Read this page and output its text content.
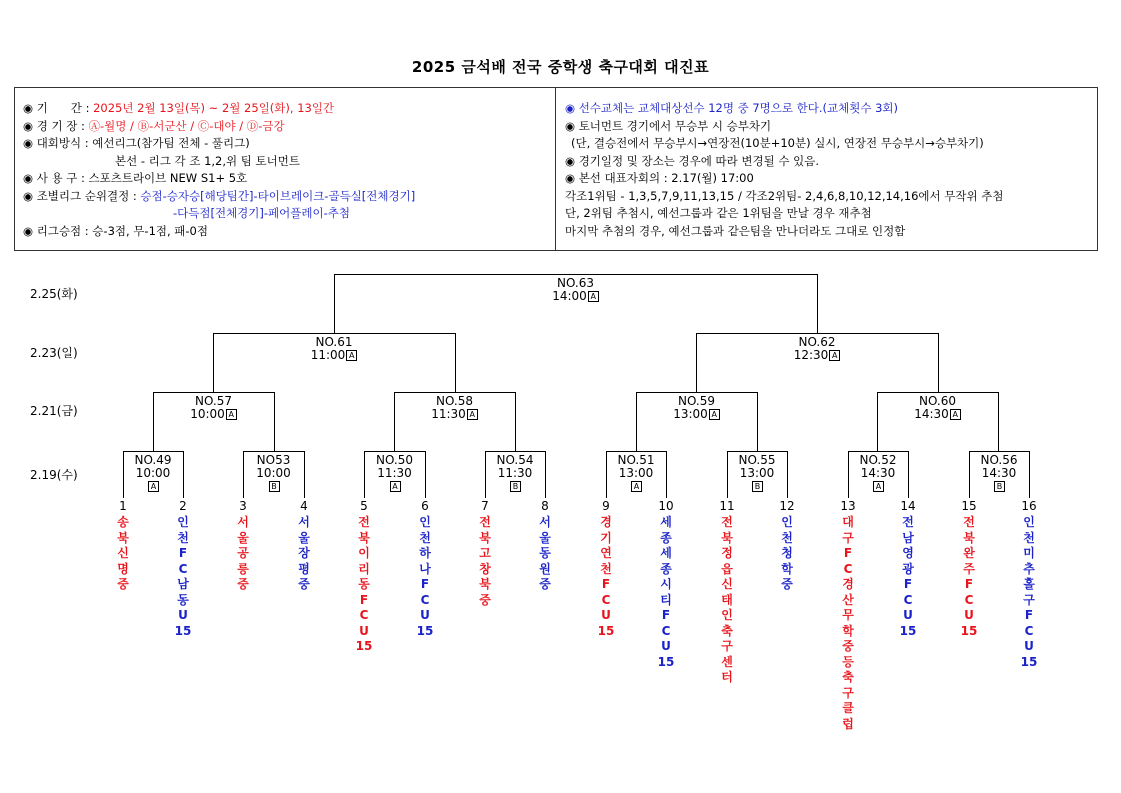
2025 금석배 전국 중학생 축구대회 대진표
◉ 기　　간 : 2025년 2월 13일(목) ~ 2월 25일(화), 13일간
◉ 경 기 장 : Ⓐ-월명 / Ⓑ-서군산 / Ⓒ-대야 / Ⓓ-금강
◉ 대회방식 : 예선리그(참가팀 전체 - 풀리그)
본선 - 리그 각 조 1,2,위 팀 토너먼트
◉ 사 용 구 : 스포츠트라이브 NEW S1+ 5호
◉ 조별리그 순위결정 : 승점-승자승[해당팀간]-타이브레이크-골득실[전체경기]
-다득점[전체경기]-페어플레이-추첨
◉ 리그승점 : 승-3점, 무-1점, 패-0점
◉ 선수교체는 교체대상선수 12명 중 7명으로 한다.(교체횟수 3회)
◉ 토너먼트 경기에서 무승부 시 승부차기
(단, 결승전에서 무승부시→연장전(10분+10분) 실시, 연장전 무승부시→승부차기)
◉ 경기일정 및 장소는 경우에 따라 변경될 수 있음.
◉ 본선 대표자회의 : 2.17(월) 17:00
각조1위팀 - 1,3,5,7,9,11,13,15 / 각조2위팀- 2,4,6,8,10,12,14,16에서 무작위 추첨
단, 2위팀 추첨시, 예선그룹과 같은 1위팀을 만날 경우 재추첨
마지막 추첨의 경우, 예선그룹과 같은팀을 만나더라도 그대로 인정함
2.25(화)
2.23(일)
2.21(금)
2.19(수)
NO.49
10:00
A
NO53
10:00
B
NO.50
11:30
A
NO.54
11:30
B
NO.51
13:00
A
NO.55
13:00
B
NO.52
14:30
A
NO.56
14:30
B
NO.57
10:00 A
NO.58
11:30 A
NO.59
13:00 A
NO.60
14:30 A
NO.61
11:00 A
NO.62
12:30 A
NO.63
14:00 A
1
송
북
신
명
중
2
인
천
F
C
남
동
U
15
3
서
울
공
릉
중
4
서
울
장
평
중
5
전
북
이
리
동
F
C
U
15
6
인
천
하
나
F
C
U
15
7
전
북
고
창
북
중
8
서
울
동
원
중
9
경
기
연
천
F
C
U
15
10
세
종
세
종
시
티
F
C
U
15
11
전
북
정
읍
신
태
인
축
구
센
터
12
인
천
청
학
중
13
대
구
F
C
경
산
무
학
중
등
축
구
클
럽
14
전
남
영
광
F
C
U
15
15
전
북
완
주
F
C
U
15
16
인
천
미
추
홀
구
F
C
U
15
